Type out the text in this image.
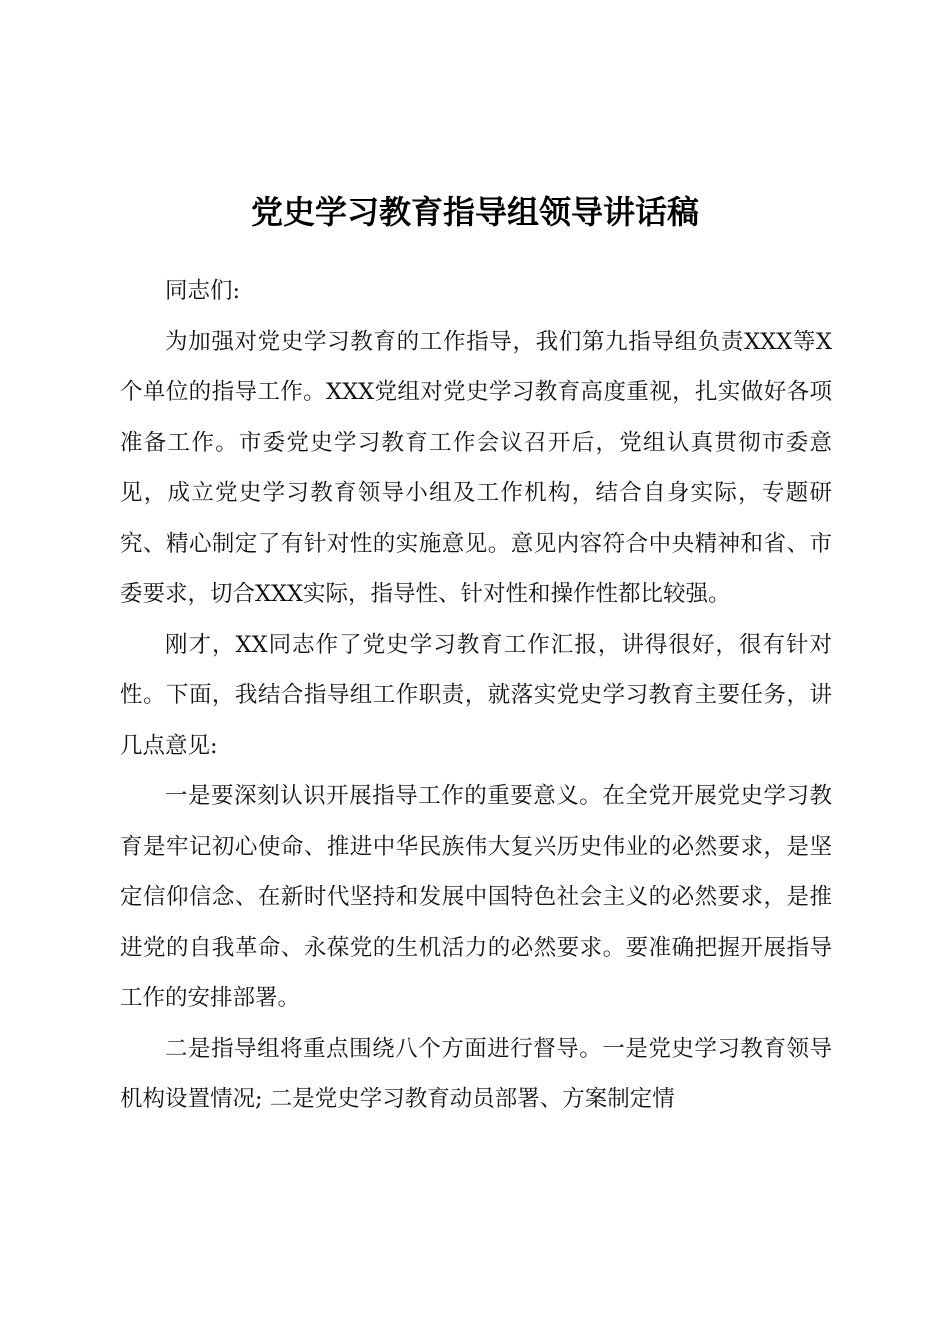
党史学习教育指导组领导讲话稿

同志们:

为加强对党史学习教育的工作指导，我们第九指导组负责XXX等X个单位的指导工作。XXX党组对党史学习教育高度重视，扎实做好各项准备工作。市委党史学习教育工作会议召开后，党组认真贯彻市委意见，成立党史学习教育领导小组及工作机构，结合自身实际，专题研究、精心制定了有针对性的实施意见。意见内容符合中央精神和省、市委要求，切合XXX实际，指导性、针对性和操作性都比较强。

刚才，XX同志作了党史学习教育工作汇报，讲得很好，很有针对性。下面，我结合指导组工作职责，就落实党史学习教育主要任务，讲几点意见:

一是要深刻认识开展指导工作的重要意义。在全党开展党史学习教育是牢记初心使命、推进中华民族伟大复兴历史伟业的必然要求，是坚定信仰信念、在新时代坚持和发展中国特色社会主义的必然要求，是推进党的自我革命、永葆党的生机活力的必然要求。要准确把握开展指导工作的安排部署。

二是指导组将重点围绕八个方面进行督导。一是党史学习教育领导机构设置情况; 二是党史学习教育动员部署、方案制定情
